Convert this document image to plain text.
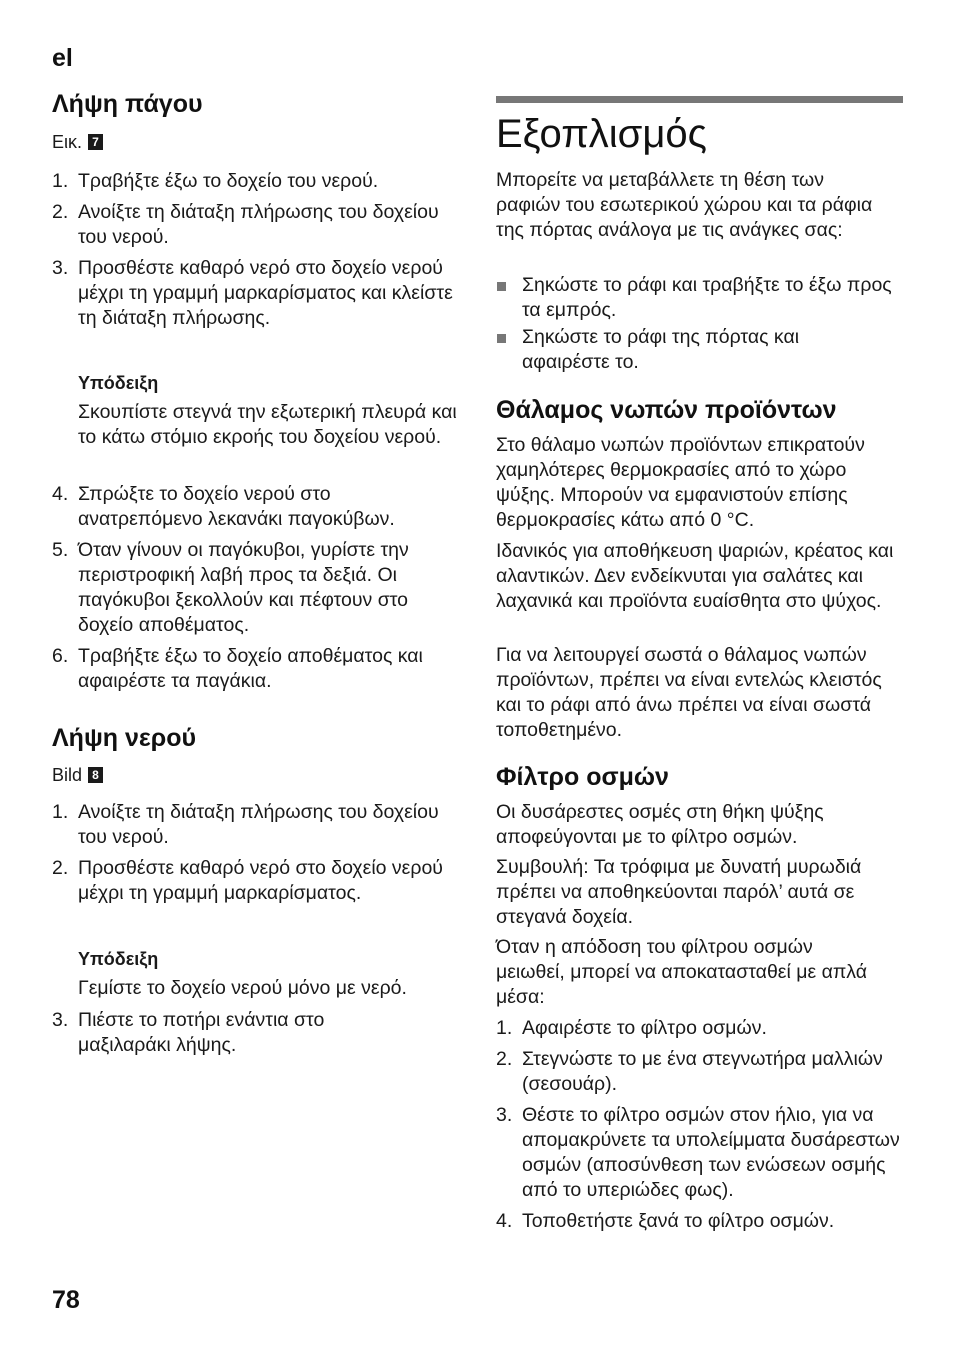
el
Λήψη πάγου
Εικ. 7
1. Τραβήξτε έξω το δοχείο του νερού.
2. Ανοίξτε τη διάταξη πλήρωσης του δοχείου του νερού.
3. Προσθέστε καθαρό νερό στο δοχείο νερού μέχρι τη γραμμή μαρκαρίσματος και κλείστε τη διάταξη πλήρωσης.
Υπόδειξη
Σκουπίστε στεγνά την εξωτερική πλευρά και το κάτω στόμιο εκροής του δοχείου νερού.
4. Σπρώξτε το δοχείο νερού στο ανατρεπόμενο λεκανάκι παγοκύβων.
5. Όταν γίνουν οι παγόκυβοι, γυρίστε την περιστροφική λαβή προς τα δεξιά. Οι παγόκυβοι ξεκολλούν και πέφτουν στο δοχείο αποθέματος.
6. Τραβήξτε έξω το δοχείο αποθέματος και αφαιρέστε τα παγάκια.
Λήψη νερού
Bild 8
1. Ανοίξτε τη διάταξη πλήρωσης του δοχείου του νερού.
2. Προσθέστε καθαρό νερό στο δοχείο νερού μέχρι τη γραμμή μαρκαρίσματος.
Υπόδειξη
Γεμίστε το δοχείο νερού μόνο με νερό.
3. Πιέστε το ποτήρι ενάντια στο μαξιλαράκι λήψης.
Εξοπλισμός

Μπορείτε να μεταβάλλετε τη θέση των ραφιών του εσωτερικού χώρου και τα ράφια της πόρτας ανάλογα με τις ανάγκες σας:

Σηκώστε το ράφι και τραβήξτε το έξω προς τα εμπρός.
Σηκώστε το ράφι της πόρτας και αφαιρέστε το.
Θάλαμος νωπών προϊόντων

Στο θάλαμο νωπών προϊόντων επικρατούν χαμηλότερες θερμοκρασίες από το χώρο ψύξης. Μπορούν να εμφανιστούν επίσης θερμοκρασίες κάτω από 0 °C.

Ιδανικός για αποθήκευση ψαριών, κρέατος και αλαντικών. Δεν ενδείκνυται για σαλάτες και λαχανικά και προϊόντα ευαίσθητα στο ψύχος.

Για να λειτουργεί σωστά ο θάλαμος νωπών προϊόντων, πρέπει να είναι εντελώς κλειστός και το ράφι από άνω πρέπει να είναι σωστά τοποθετημένο.

Φίλτρο οσμών

Οι δυσάρεστες οσμές στη θήκη ψύξης αποφεύγονται με το φίλτρο οσμών.

Συμβουλή: Τα τρόφιμα με δυνατή μυρωδιά πρέπει να αποθηκεύονται παρόλ’ αυτά σε στεγανά δοχεία.

Όταν η απόδοση του φίλτρου οσμών μειωθεί, μπορεί να αποκατασταθεί με απλά μέσα:

1. Αφαιρέστε το φίλτρο οσμών.
2. Στεγνώστε το με ένα στεγνωτήρα μαλλιών (σεσουάρ).
3. Θέστε το φίλτρο οσμών στον ήλιο, για να απομακρύνετε τα υπολείμματα δυσάρεστων οσμών (αποσύνθεση των ενώσεων οσμής από το υπεριώδες φως).
4. Τοποθετήστε ξανά το φίλτρο οσμών.
78
